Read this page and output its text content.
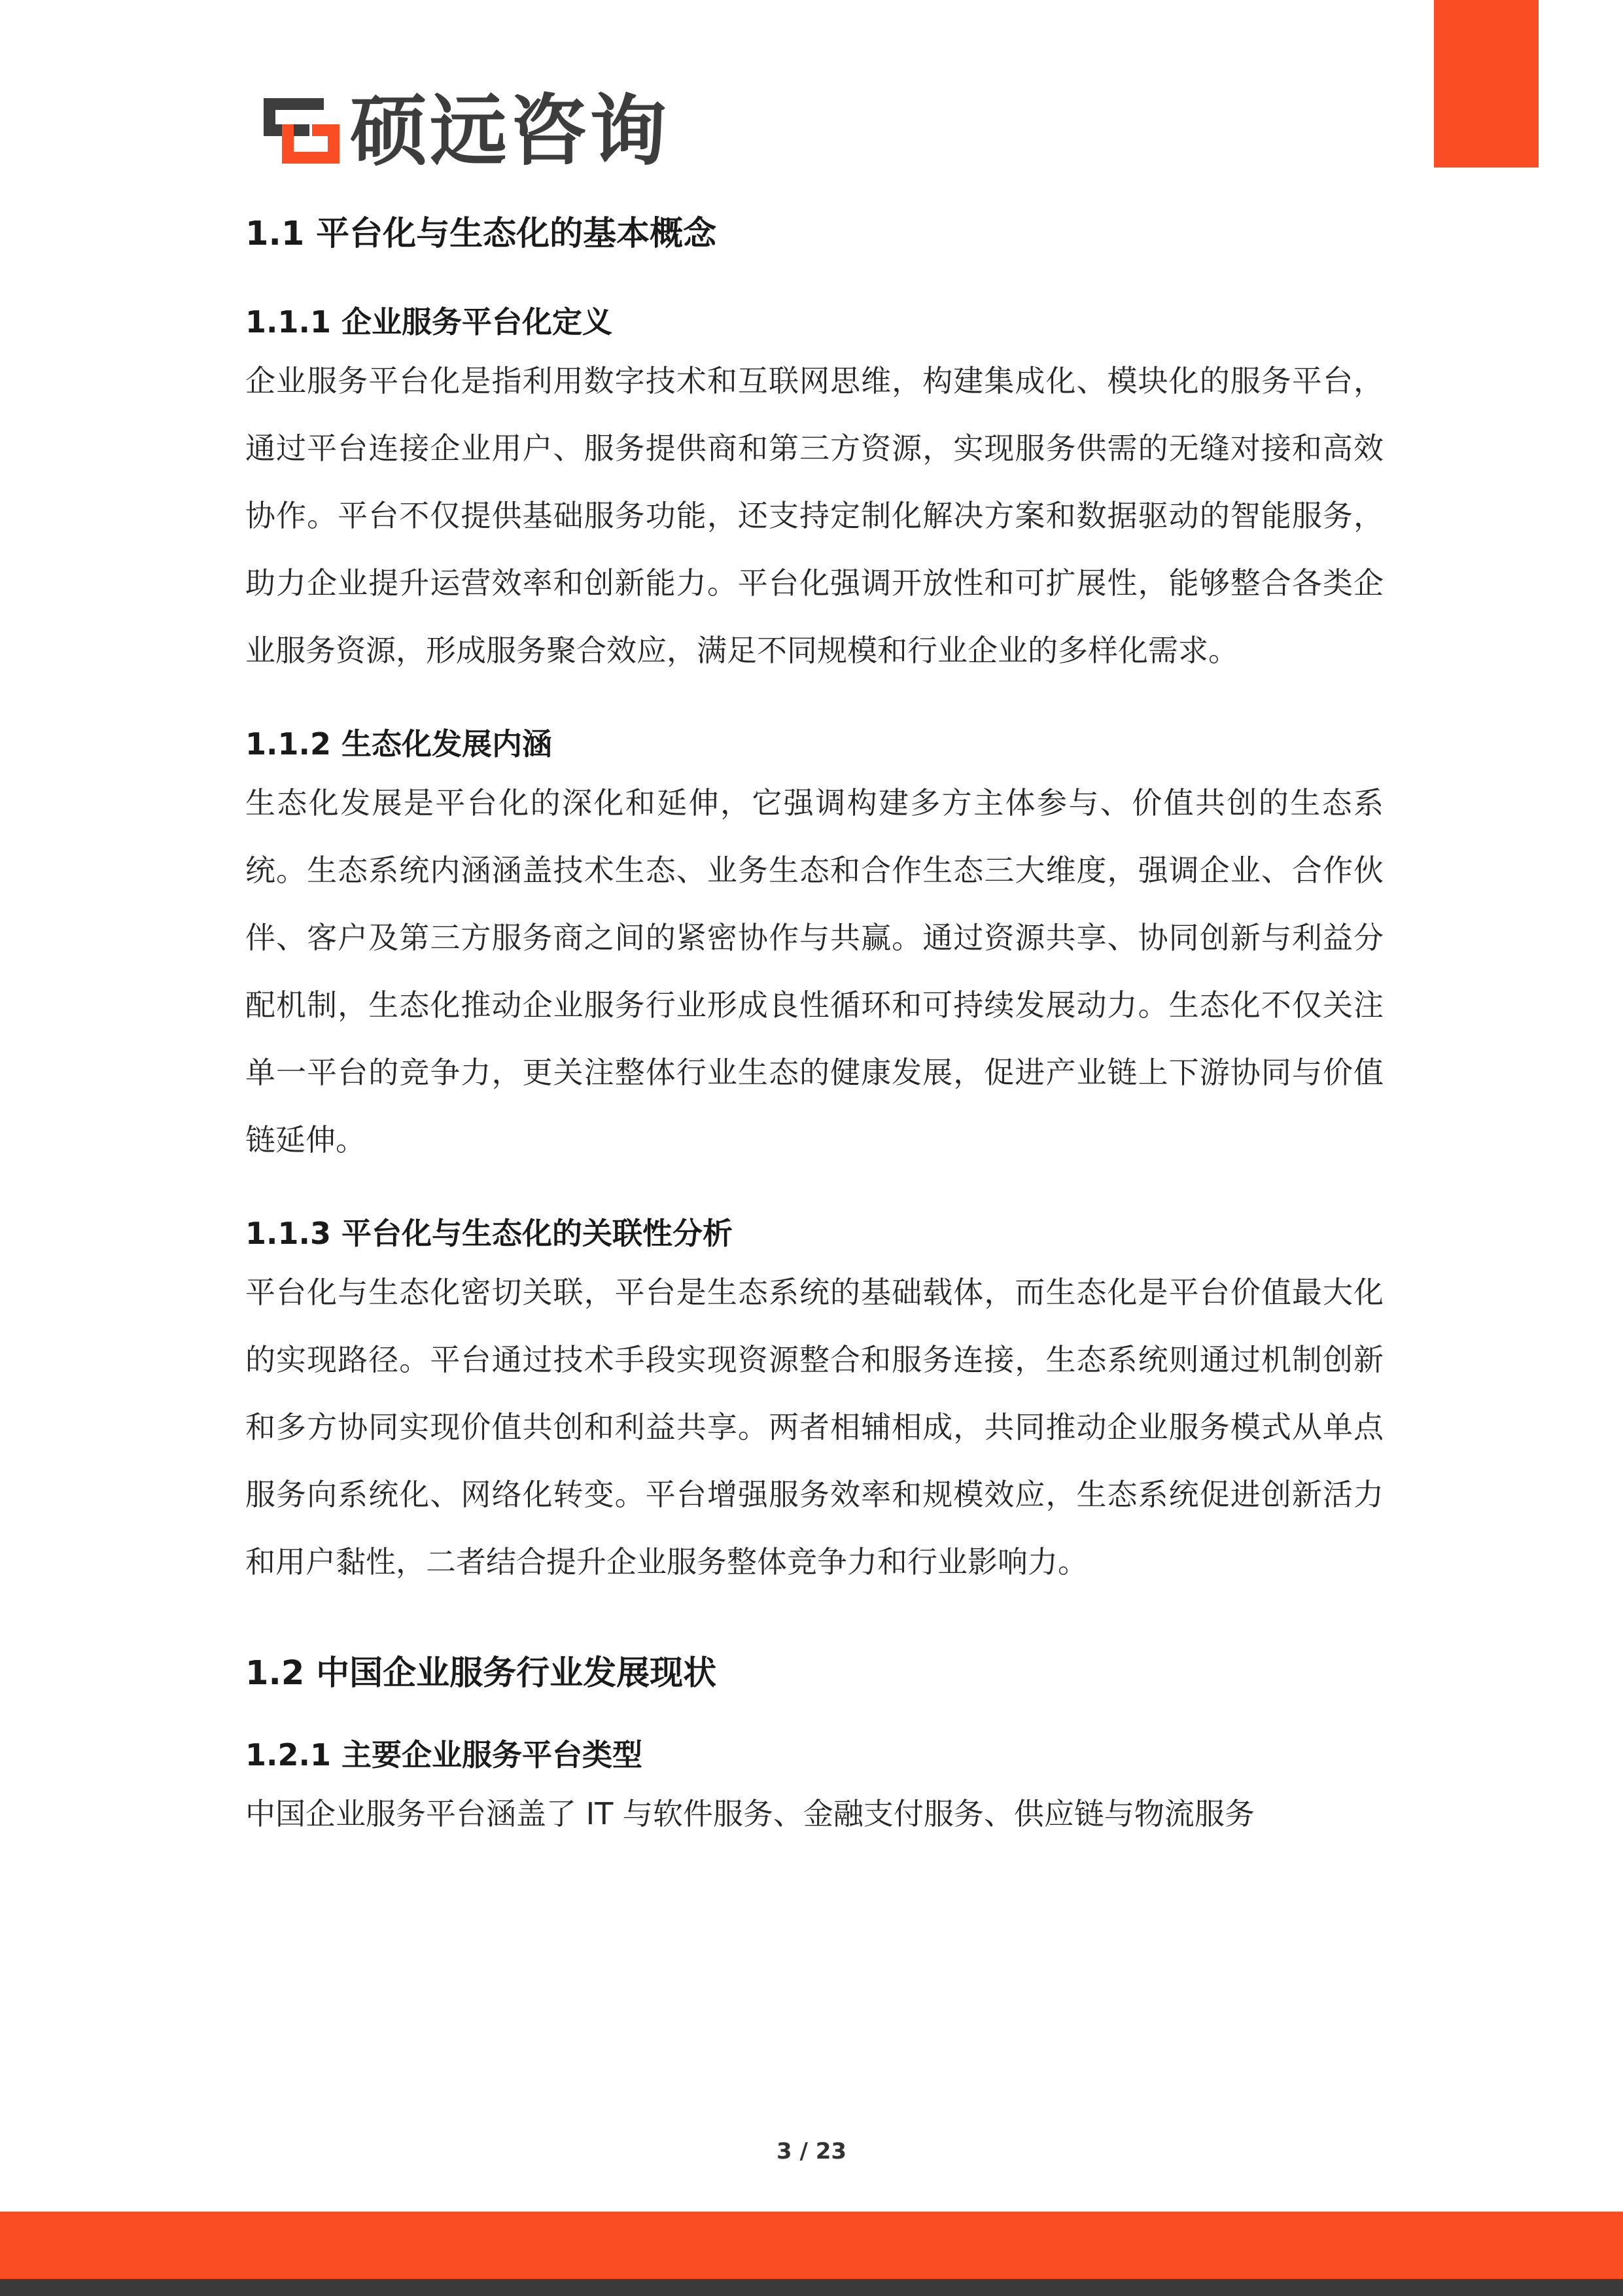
硕远咨询
1.1 平台化与生态化的基本概念
1.1.1 企业服务平台化定义

企业服务平台化是指利用数字技术和互联网思维，构建集成化、模块化的服务平台，通过平台连接企业用户、服务提供商和第三方资源，实现服务供需的无缝对接和高效协作。平台不仅提供基础服务功能，还支持定制化解决方案和数据驱动的智能服务，助力企业提升运营效率和创新能力。平台化强调开放性和可扩展性，能够整合各类企业服务资源，形成服务聚合效应，满足不同规模和行业企业的多样化需求。

1.1.2 生态化发展内涵

生态化发展是平台化的深化和延伸，它强调构建多方主体参与、价值共创的生态系统。生态系统内涵涵盖技术生态、业务生态和合作生态三大维度，强调企业、合作伙伴、客户及第三方服务商之间的紧密协作与共赢。通过资源共享、协同创新与利益分配机制，生态化推动企业服务行业形成良性循环和可持续发展动力。生态化不仅关注单一平台的竞争力，更关注整体行业生态的健康发展，促进产业链上下游协同与价值链延伸。

1.1.3 平台化与生态化的关联性分析

平台化与生态化密切关联，平台是生态系统的基础载体，而生态化是平台价值最大化的实现路径。平台通过技术手段实现资源整合和服务连接，生态系统则通过机制创新和多方协同实现价值共创和利益共享。两者相辅相成，共同推动企业服务模式从单点服务向系统化、网络化转变。平台增强服务效率和规模效应，生态系统促进创新活力和用户黏性，二者结合提升企业服务整体竞争力和行业影响力。

1.2 中国企业服务行业发展现状
1.2.1 主要企业服务平台类型

中国企业服务平台涵盖了 IT 与软件服务、金融支付服务、供应链与物流服务

3 / 23
